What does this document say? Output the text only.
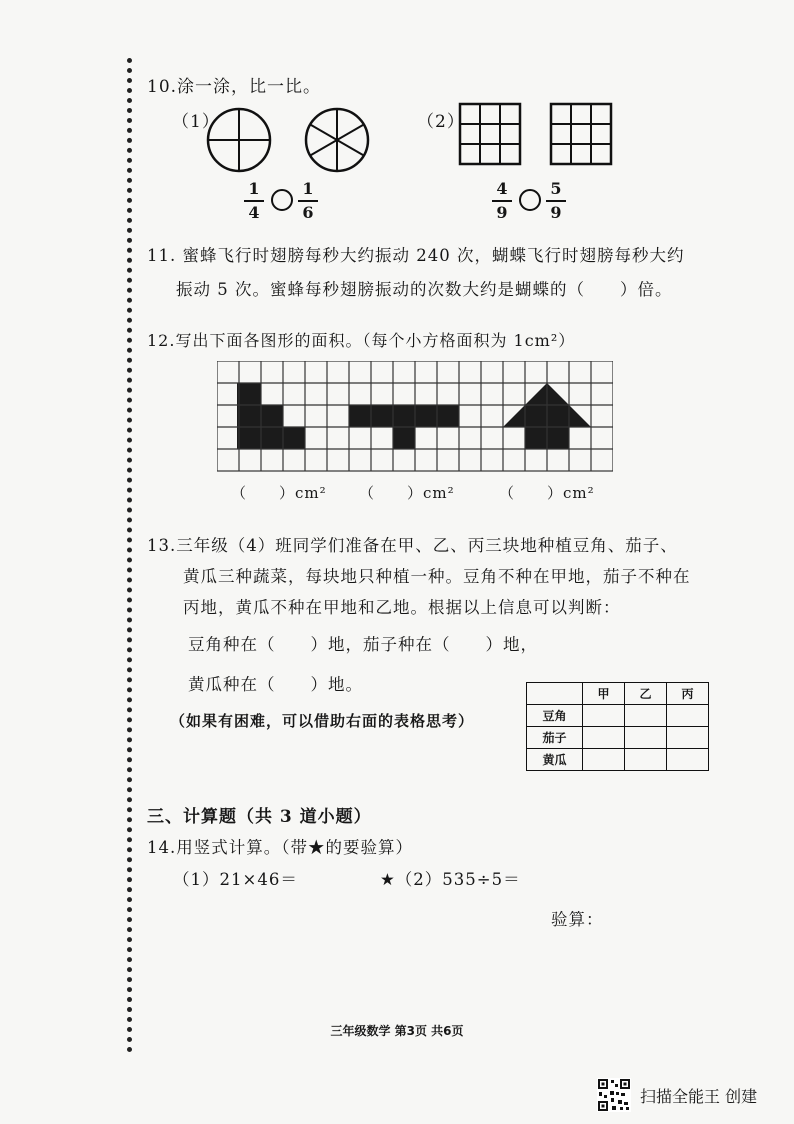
10.涂一涂，比一比。
（1）	（2）
1
4
1
6
4
9
5
9
11. 蜜蜂飞行时翅膀每秒大约振动 240 次，蝴蝶飞行时翅膀每秒大约
振动 5 次。蜜蜂每秒翅膀振动的次数大约是蝴蝶的（　　）倍。
12.写出下面各图形的面积。（每个小方格面积为 1cm²）
（　　）cm² （　　）cm²	（　　）cm²
13.三年级（4）班同学们准备在甲、乙、丙三块地种植豆角、茄子、
黄瓜三种蔬菜，每块地只种植一种。豆角不种在甲地，茄子不种在
丙地，黄瓜不种在甲地和乙地。根据以上信息可以判断：
豆角种在（　　）地，茄子种在（　　）地，
黄瓜种在（　　）地。
（如果有困难，可以借助右面的表格思考）
	甲	乙	丙
豆角			
茄子			
黄瓜			
三、计算题（共 3 道小题）
14.用竖式计算。（带★的要验算）
（1）21×46＝	★（2）535÷5＝
验算：
三年级数学 第3页 共6页
扫描全能王 创建
